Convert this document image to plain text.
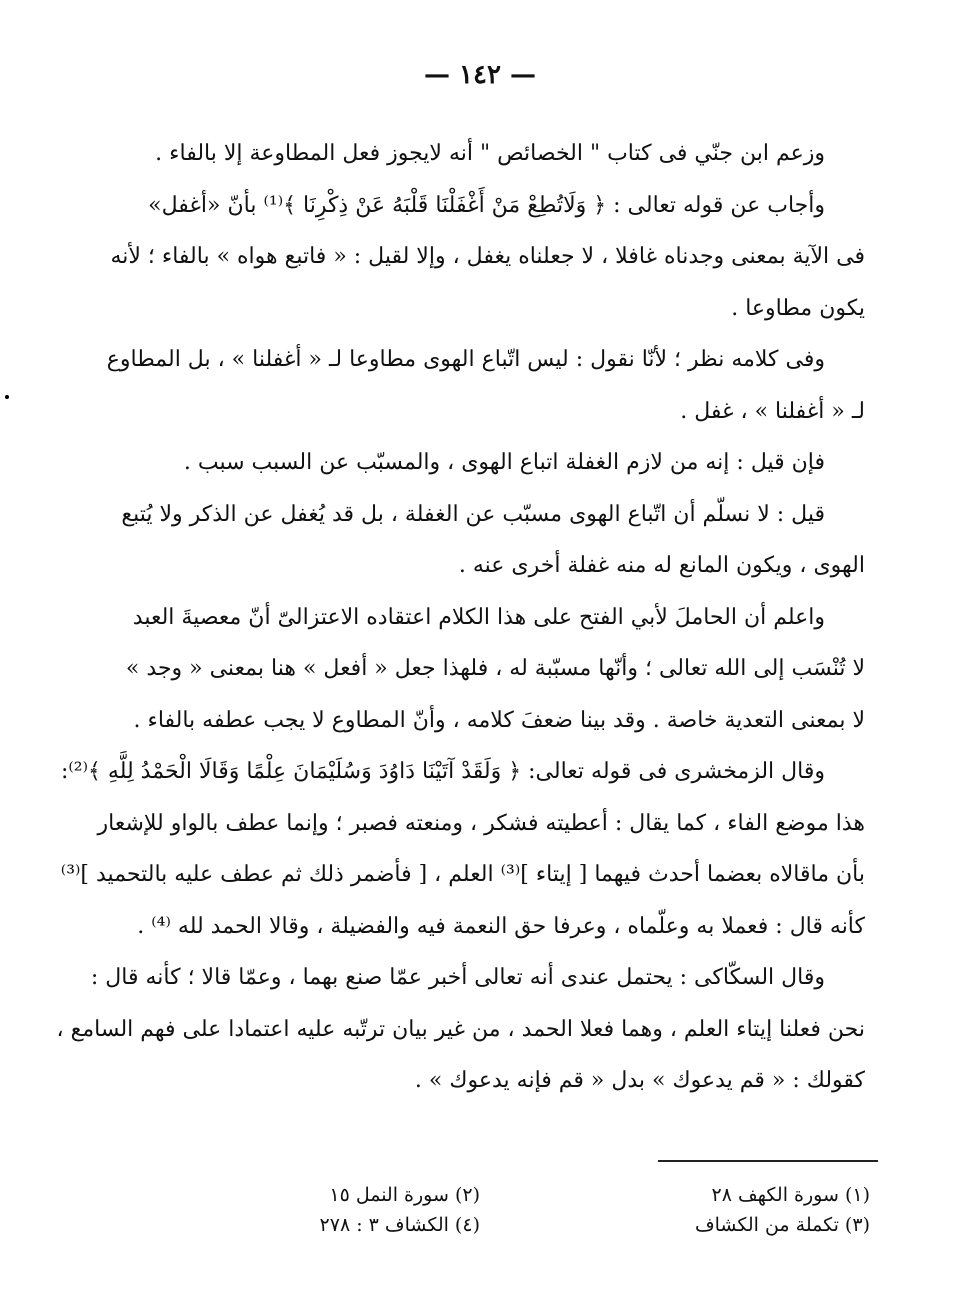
— ١٤٢ —
وزعم ابن جنّي فى كتاب " الخصائص " أنه لايجوز فعل المطاوعة إلا بالفاء .
وأجاب عن قوله تعالى : ﴿ وَلَاتُطِعْ مَنْ أَغْفَلْنَا قَلْبَهُ عَنْ ذِكْرِنَا ﴾⁽¹⁾ بأنّ «أغفل»
فى الآية بمعنى وجدناه غافلا ، لا جعلناه يغفل ، وإلا لقيل : « فاتبع هواه » بالفاء ؛ لأنه
يكون مطاوعا .
وفى كلامه نظر ؛ لأنّا نقول : ليس اتّباع الهوى مطاوعا لـ « أغفلنا » ، بل المطاوع
لـ « أغفلنا » ، غفل .
فإن قيل : إنه من لازم الغفلة اتباع الهوى ، والمسبّب عن السبب سبب .
قيل : لا نسلّم أن اتّباع الهوى مسبّب عن الغفلة ، بل قد يُغفل عن الذكر ولا يُتبع
الهوى ، ويكون المانع له منه غفلة أخرى عنه .
واعلم أن الحاملَ لأبي الفتح على هذا الكلام اعتقاده الاعتزالىّ أنّ معصيةَ العبد
لا تُنْسَب إلى الله تعالى ؛ وأنّها مسبّبة له ، فلهذا جعل « أفعل » هنا بمعنى « وجد »
لا بمعنى التعدية خاصة . وقد بينا ضعفَ كلامه ، وأنّ المطاوع لا يجب عطفه بالفاء .
وقال الزمخشرى فى قوله تعالى: ﴿ وَلَقَدْ آتَيْنَا دَاوُدَ وَسُلَيْمَانَ عِلْمًا وَقَالَا الْحَمْدُ لِلَّهِ ﴾⁽²⁾:
هذا موضع الفاء ، كما يقال : أعطيته فشكر ، ومنعته فصبر ؛ وإنما عطف بالواو للإشعار
بأن ماقالاه بعضما أحدث فيهما [ إيتاء ]⁽³⁾ العلم ، [ فأضمر ذلك ثم عطف عليه بالتحميد ]⁽³⁾
كأنه قال : فعملا به وعلّماه ، وعرفا حق النعمة فيه والفضيلة ، وقالا الحمد لله ⁽⁴⁾ .
وقال السكّاكى : يحتمل عندى أنه تعالى أخبر عمّا صنع بهما ، وعمّا قالا ؛ كأنه قال :
نحن فعلنا إيتاء العلم ، وهما فعلا الحمد ، من غير بيان ترتّبه عليه اعتمادا على فهم السامع ،
كقولك : « قم يدعوك » بدل « قم فإنه يدعوك » .
(١) سورة الكهف ٢٨
(٢) سورة النمل ١٥
(٣) تكملة من الكشاف
(٤) الكشاف ٣ : ٢٧٨
